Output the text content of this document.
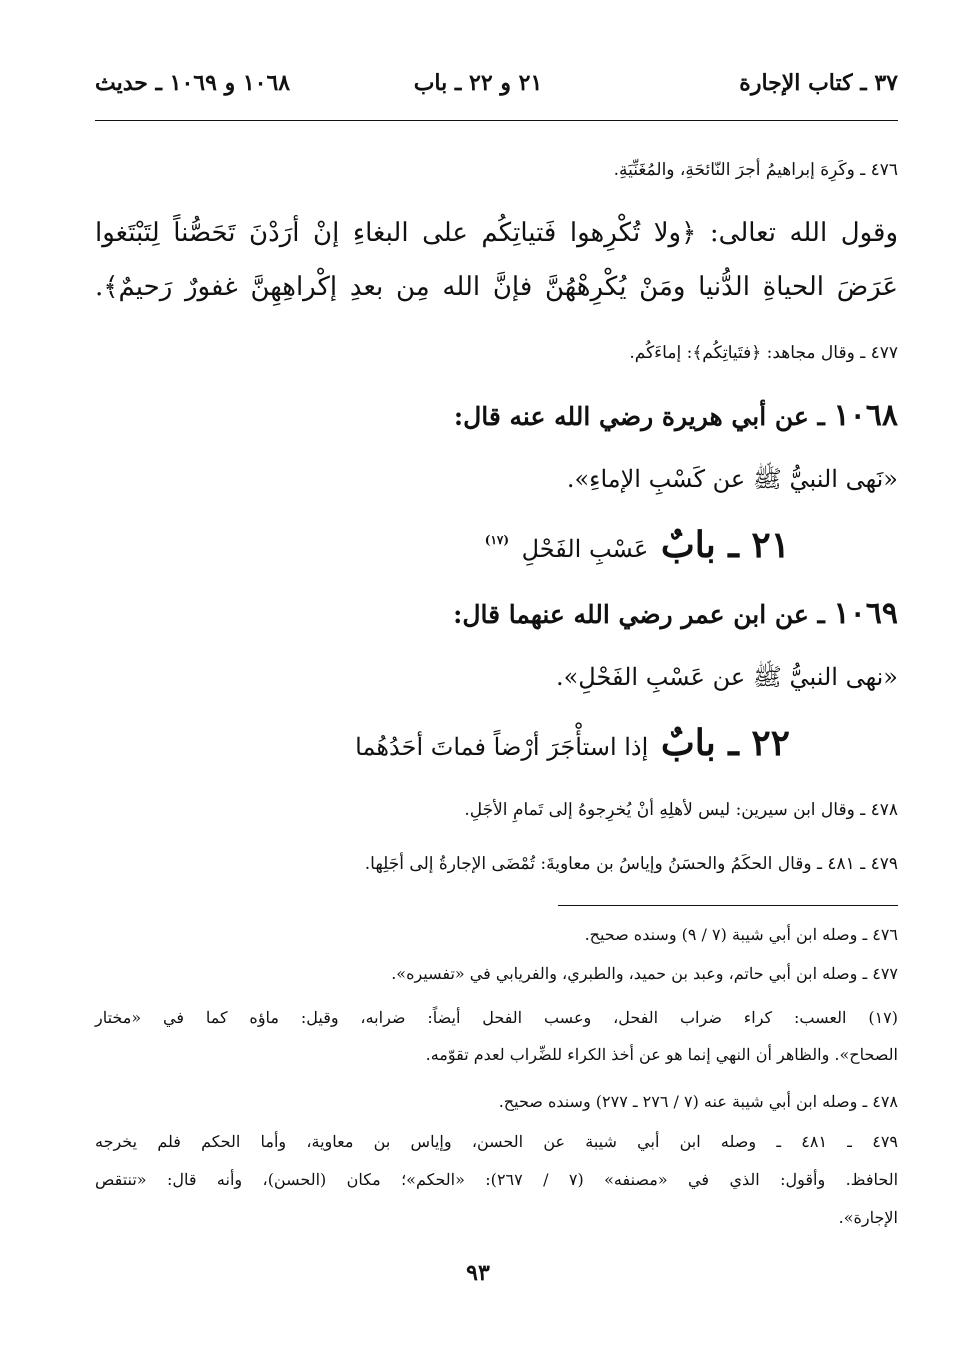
٣٧ ـ كتاب الإجارة
٢١ و ٢٢ ـ باب
١٠٦٨ و ١٠٦٩ ـ حديث
٤٧٦ ـ وكَرِهَ إبراهيمُ أجرَ النّائحَةِ، والمُغَنِّيَةِ.
وقول الله تعالى: ﴿ولا تُكْرِهوا فَتياتِكُم على البغاءِ إنْ أرَدْنَ تَحَصُّناً لِتَبْتَغوا
عَرَضَ الحياةِ الدُّنيا ومَنْ يُكْرِهْهُنَّ فإنَّ الله مِن بعدِ إكْراهِهِنَّ غفورٌ رَحيمٌ﴾.
٤٧٧ ـ وقال مجاهد: ﴿فتَياتِكُم﴾: إماءَكُم.
١٠٦٨ ـ عن أبي هريرة رضي الله عنه قال:
«نَهى النبيُّ ﷺ عن كَسْبِ الإماءِ».
٢١ ـ بابٌ عَسْبِ الفَحْلِ $^{(١٧)}$
١٠٦٩ ـ عن ابن عمر رضي الله عنهما قال:
«نهى النبيُّ ﷺ عن عَسْبِ الفَحْلِ».
٢٢ ـ بابٌ إذا استأْجَرَ أرْضاً فماتَ أحَدُهُما
٤٧٨ ـ وقال ابن سيرين: ليس لأهلِهِ أنْ يُخرِجوهُ إلى تَمامِ الأجَلِ.
٤٧٩ ـ ٤٨١ ـ وقال الحكَمُ والحسَنُ وإياسُ بن معاويةَ: تُمْضَى الإجارةُ إلى أجَلِها.
٤٧٦ ـ وصله ابن أبي شيبة (٧ / ٩) وسنده صحيح.
٤٧٧ ـ وصله ابن أبي حاتم، وعبد بن حميد، والطبري، والفريابي في «تفسيره».
(١٧) العسب: كراء ضراب الفحل، وعسب الفحل أيضاً: ضرابه، وقيل: ماؤه كما في «مختار
الصحاح». والظاهر أن النهي إنما هو عن أخذ الكراء للضِّراب لعدم تقوّمه.
٤٧٨ ـ وصله ابن أبي شيبة عنه (٧ / ٢٧٦ ـ ٢٧٧) وسنده صحيح.
٤٧٩ ـ ٤٨١ ـ وصله ابن أبي شيبة عن الحسن، وإياس بن معاوية، وأما الحكم فلم يخرجه
الحافظ. وأقول: الذي في «مصنفه» (٧ / ٢٦٧): «الحكم»؛ مكان (الحسن)، وأنه قال: «تنتقص
الإجارة».
٩٣
